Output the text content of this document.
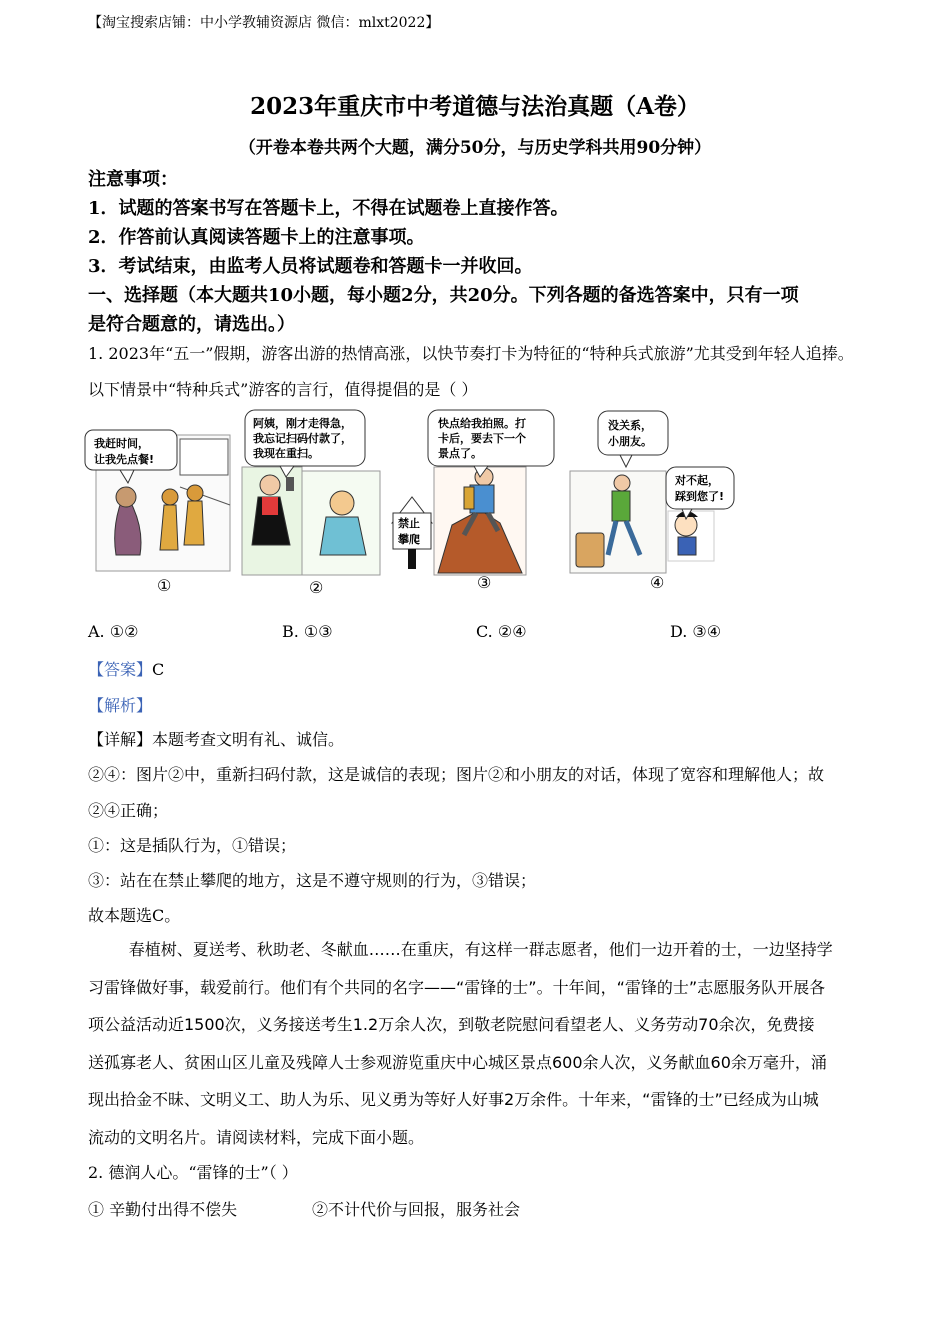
【淘宝搜索店铺：中小学教辅资源店 微信：mlxt2022】
2023年重庆市中考道德与法治真题（A卷）
（开卷本卷共两个大题，满分50分，与历史学科共用90分钟）
注意事项：
1．试题的答案书写在答题卡上，不得在试题卷上直接作答。
2．作答前认真阅读答题卡上的注意事项。
3．考试结束，由监考人员将试题卷和答题卡一并收回。
一、选择题（本大题共10小题，每小题2分，共20分。下列各题的备选答案中，只有一项
是符合题意的，请选出。）
1. 2023年“五一”假期，游客出游的热情高涨，以快节奏打卡为特征的“特种兵式旅游”尤其受到年轻人追捧。
以下情景中“特种兵式”游客的言行，值得提倡的是（ ）
我赶时间，
让我先点餐!
阿姨，刚才走得急，
我忘记扫码付款了，
我现在重扫。
禁止
攀爬
快点给我拍照。打
卡后，要去下一个
景点了。
没关系，
小朋友。
对不起，
踩到您了!
①	②	③	④
A. ①②	B. ①③	C. ②④	D. ③④
【答案】C
【解析】
【详解】本题考查文明有礼、诚信。
②④：图片②中，重新扫码付款，这是诚信的表现；图片②和小朋友的对话，体现了宽容和理解他人；故
②④正确；
①：这是插队行为，①错误；
③：站在在禁止攀爬的地方，这是不遵守规则的行为，③错误；
故本题选C。
春植树、夏送考、秋助老、冬献血……在重庆，有这样一群志愿者，他们一边开着的士，一边坚持学
习雷锋做好事，载爱前行。他们有个共同的名字——“雷锋的士”。十年间，“雷锋的士”志愿服务队开展各
项公益活动近1500次，义务接送考生1.2万余人次，到敬老院慰问看望老人、义务劳动70余次，免费接
送孤寡老人、贫困山区儿童及残障人士参观游览重庆中心城区景点600余人次，义务献血60余万毫升，涌
现出拾金不昧、文明义工、助人为乐、见义勇为等好人好事2万余件。十年来，“雷锋的士”已经成为山城
流动的文明名片。请阅读材料，完成下面小题。
2. 德润人心。“雷锋的士”（ ）
① 辛勤付出得不偿失	②不计代价与回报，服务社会
